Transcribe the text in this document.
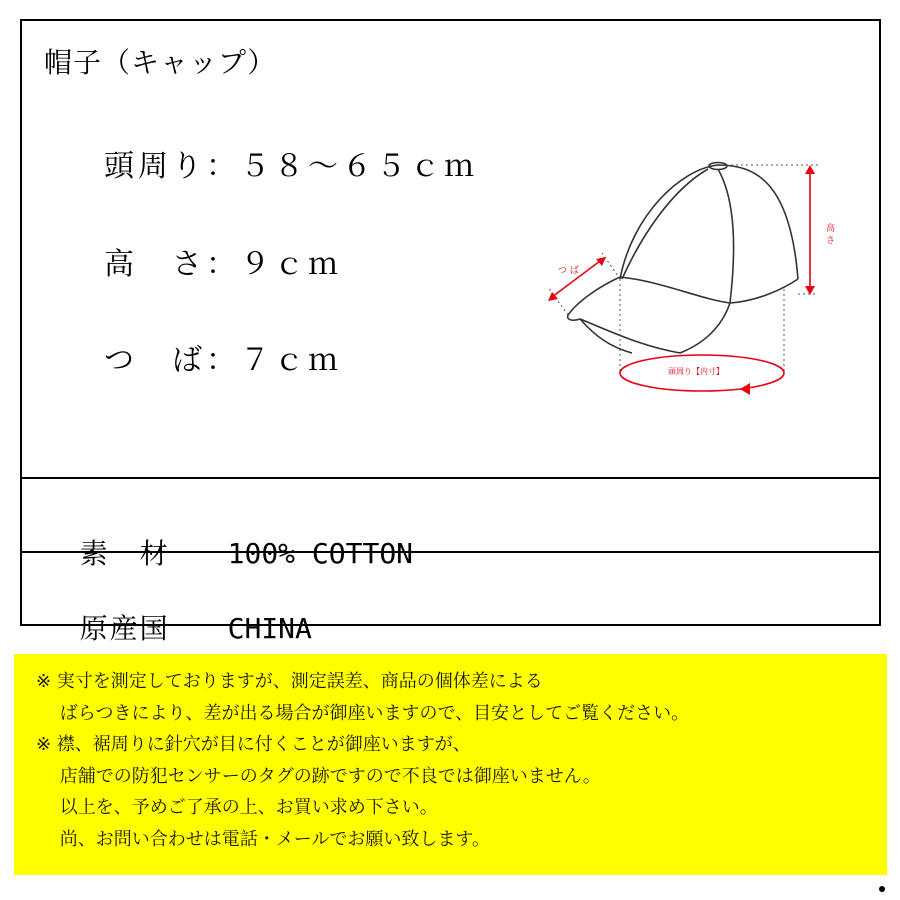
帽子（キャップ）
頭周り：５８～６５ｃｍ
高　さ：９ｃｍ
つ　ば：７ｃｍ
高
さ
つ ば
頭周り【内寸】

素　材 100% COTTON

原産国 CHINA

※ 実寸を測定しておりますが、測定誤差、商品の個体差による
　 ばらつきにより、差が出る場合が御座いますので、目安としてご覧ください。
※ 襟、裾周りに針穴が目に付くことが御座いますが、
　 店舗での防犯センサーのタグの跡ですので不良では御座いません。
　 以上を、予めご了承の上、お買い求め下さい。
　 尚、お問い合わせは電話・メールでお願い致します。
